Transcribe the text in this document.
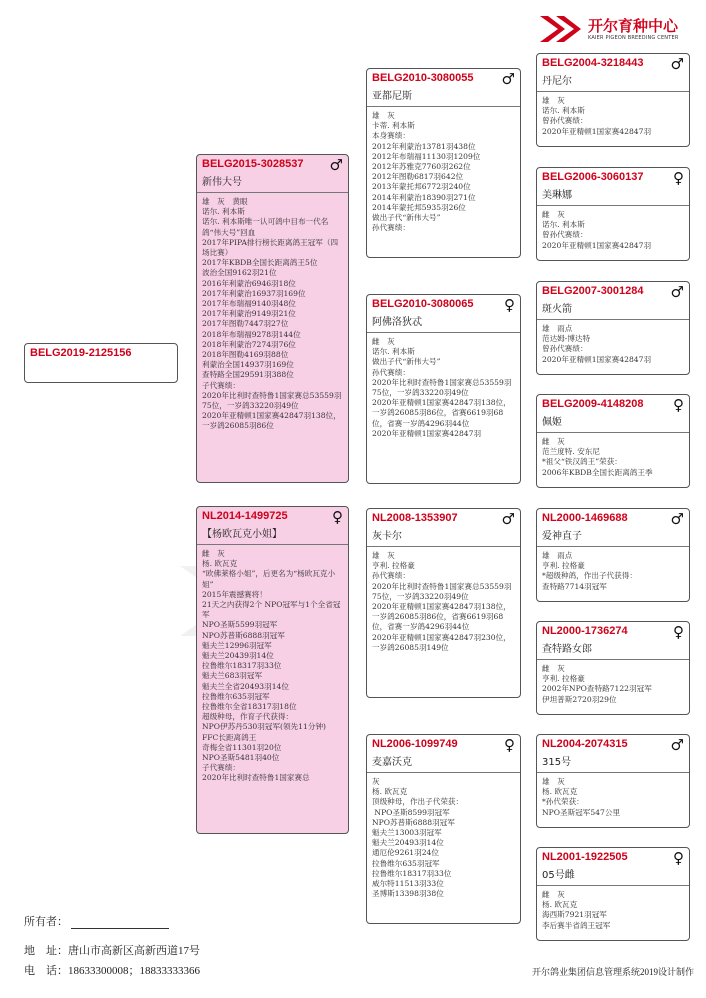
开尔育种中心
KAIER PIGEON BREEDING CENTER
BELG2019-2125156
BELG2015-3028537
新伟大号
♂
雄　灰　黄眼
诺尔. 利本斯
诺尔. 利本斯唯一认可鸽中目布一代名鸽“伟大号”回血
2017年PIPA排行榜长距离鸽王冠军（四场比赛）
2017年KBDB全国长距离鸽王5位
波治全国9162羽21位
2016年利蒙治6946羽18位
2017年利蒙治16937羽169位
2017年布瑞福9140羽48位
2017年利蒙治9149羽21位
2017年图勒7447羽27位
2018年布瑞福9278羽144位
2018年利蒙治7274羽76位
2018年图勒4169羽88位
利蒙治全国14937羽169位
查特路全国29591羽388位
子代赛绩：
2020年比利时查特鲁1国家赛总53559羽75位，一岁鸽33220羽49位
2020年亚精顿1国家赛42847羽138位，一岁鸽26085羽86位
NL2014-1499725
【杨欧瓦克小姐】
♀
雌　灰
杨. 欧瓦克
“欧佛莱格小姐”，后更名为“杨欧瓦克小姐”
2015年震撼赛将！
21天之内获得2个 NPO冠军与1个全省冠军
NPO圣斯5599羽冠军
NPO苏普斯6888羽冠军
魁夫兰12996羽冠军
魁夫兰20439羽14位
拉鲁维尔18317羽33位
魁夫兰683羽冠军
魁夫兰全省20493羽14位
拉鲁维尔635羽冠军
拉鲁维尔全省18317羽18位
超级种母，作育子代获得：
NPO伊苏丹530羽冠军(领先11分钟)
FFC长距离鸽王
奇梅全省11301羽20位
NPO圣斯5481羽40位
子代赛绩：
2020年比利时查特鲁1国家赛总
BELG2010-3080055
亚都尼斯
♂
雄　灰
卡蒂. 利本斯
本身赛绩：
2012年利蒙治13781羽438位
2012年布瑞福11130羽1209位
2012年苏雅克7760羽262位
2012年图勒6817羽642位
2013年蒙托邦6772羽240位
2014年利蒙治18390羽271位
2014年蒙托邦5935羽26位
做出子代“新伟大号”
孙代赛绩：
BELG2010-3080065
阿佛洛狄忒
♀
雌　灰
诺尔. 利本斯
做出子代“新伟大号”
孙代赛绩：
2020年比利时查特鲁1国家赛总53559羽75位，一岁鸽33220羽49位
2020年亚精顿1国家赛42847羽138位，一岁鸽26085羽86位，省赛6619羽68位，省赛一岁鸽4296羽44位
2020年亚精顿1国家赛42847羽
NL2008-1353907
灰卡尔
♂
雄　灰
亨利. 拉格豪
孙代赛绩：
2020年比利时查特鲁1国家赛总53559羽75位，一岁鸽33220羽49位
2020年亚精顿1国家赛42847羽138位，一岁鸽26085羽86位，省赛6619羽68位，省赛一岁鸽4296羽44位
2020年亚精顿1国家赛42847羽230位，一岁鸽26085羽149位
NL2006-1099749
麦嘉沃克
♀
灰
杨. 欧瓦克
顶级种母，作出子代荣获：
NPO圣斯8599羽冠军
NPO苏普斯6888羽冠军
魁夫兰13003羽冠军
魁夫兰20493羽14位
通厄伦9261羽24位
拉鲁维尔635羽冠军
拉鲁维尔18317羽33位
威尔特11513羽33位
圣博斯13398羽38位
BELG2004-3218443
丹尼尔
♂
雄　灰
诺尔. 利本斯
曾孙代赛绩：
2020年亚精顿1国家赛42847羽
BELG2006-3060137
美琳娜
♀
雌　灰
诺尔. 利本斯
曾孙代赛绩：
2020年亚精顿1国家赛42847羽
BELG2007-3001284
斑火箭
♂
雄　雨点
范达姆-博达特
曾孙代赛绩：
2020年亚精顿1国家赛42847羽
BELG2009-4148208
佩姬
♀
雌　灰
范兰度特. 安东尼
*祖父“铁汉鸽王”荣获：
2006年KBDB全国长距离鸽王季
NL2000-1469688
爱神直子
♂
雄　雨点
亨利. 拉格豪
*超级种鸽，作出子代获得：
查特路7714羽冠军
NL2000-1736274
查特路女郎
♀
雌　灰
亨利. 拉格豪
2002年NPO查特路7122羽冠军
伊坦普斯2720羽29位
NL2004-2074315
315号
♂
雄　灰
杨. 欧瓦克
*孙代荣获：
NPO圣斯冠军547公里
NL2001-1922505
05号雌
♀
雌　灰
杨. 欧瓦克
海西斯7921羽冠军
李后赛半省鸽王冠军
所有者：
地　址：唐山市高新区高新西道17号
电　话：18633300008；18833333366	开尔鸽业集团信息管理系统2019设计制作
